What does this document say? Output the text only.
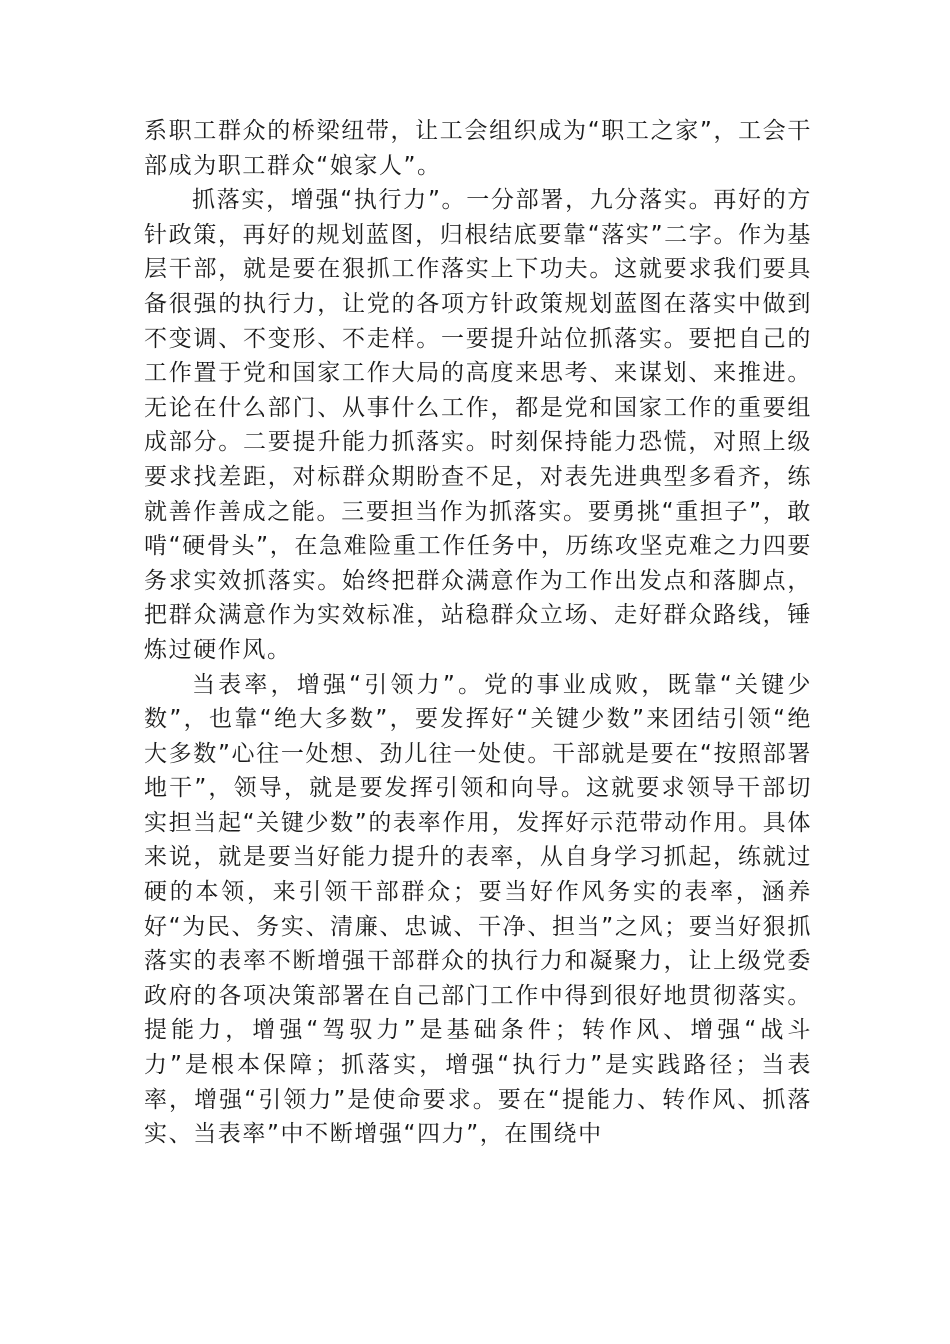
系职工群众的桥梁纽带，让工会组织成为“职工之家”，工会干部成为职工群众“娘家人”。

抓落实，增强“执行力”。一分部署，九分落实。再好的方针政策，再好的规划蓝图，归根结底要靠“落实”二字。作为基层干部，就是要在狠抓工作落实上下功夫。这就要求我们要具备很强的执行力，让党的各项方针政策规划蓝图在落实中做到不变调、不变形、不走样。一要提升站位抓落实。要把自己的工作置于党和国家工作大局的高度来思考、来谋划、来推进。无论在什么部门、从事什么工作，都是党和国家工作的重要组成部分。二要提升能力抓落实。时刻保持能力恐慌，对照上级要求找差距，对标群众期盼查不足，对表先进典型多看齐，练就善作善成之能。三要担当作为抓落实。要勇挑“重担子”，敢啃“硬骨头”，在急难险重工作任务中，历练攻坚克难之力四要务求实效抓落实。始终把群众满意作为工作出发点和落脚点，把群众满意作为实效标准，站稳群众立场、走好群众路线，锤炼过硬作风。

当表率，增强“引领力”。党的事业成败，既靠“关键少数”，也靠“绝大多数”，要发挥好“关键少数”来团结引领“绝大多数”心往一处想、劲儿往一处使。干部就是要在“按照部署地干”，领导，就是要发挥引领和向导。这就要求领导干部切实担当起“关键少数”的表率作用，发挥好示范带动作用。具体来说，就是要当好能力提升的表率，从自身学习抓起，练就过硬的本领，来引领干部群众；要当好作风务实的表率，涵养好“为民、务实、清廉、忠诚、干净、担当”之风；要当好狠抓落实的表率不断增强干部群众的执行力和凝聚力，让上级党委政府的各项决策部署在自己部门工作中得到很好地贯彻落实。提能力，增强“驾驭力”是基础条件；转作风、增强“战斗力”是根本保障；抓落实，增强“执行力”是实践路径；当表率，增强“引领力”是使命要求。要在“提能力、转作风、抓落实、当表率”中不断增强“四力”，在围绕中
